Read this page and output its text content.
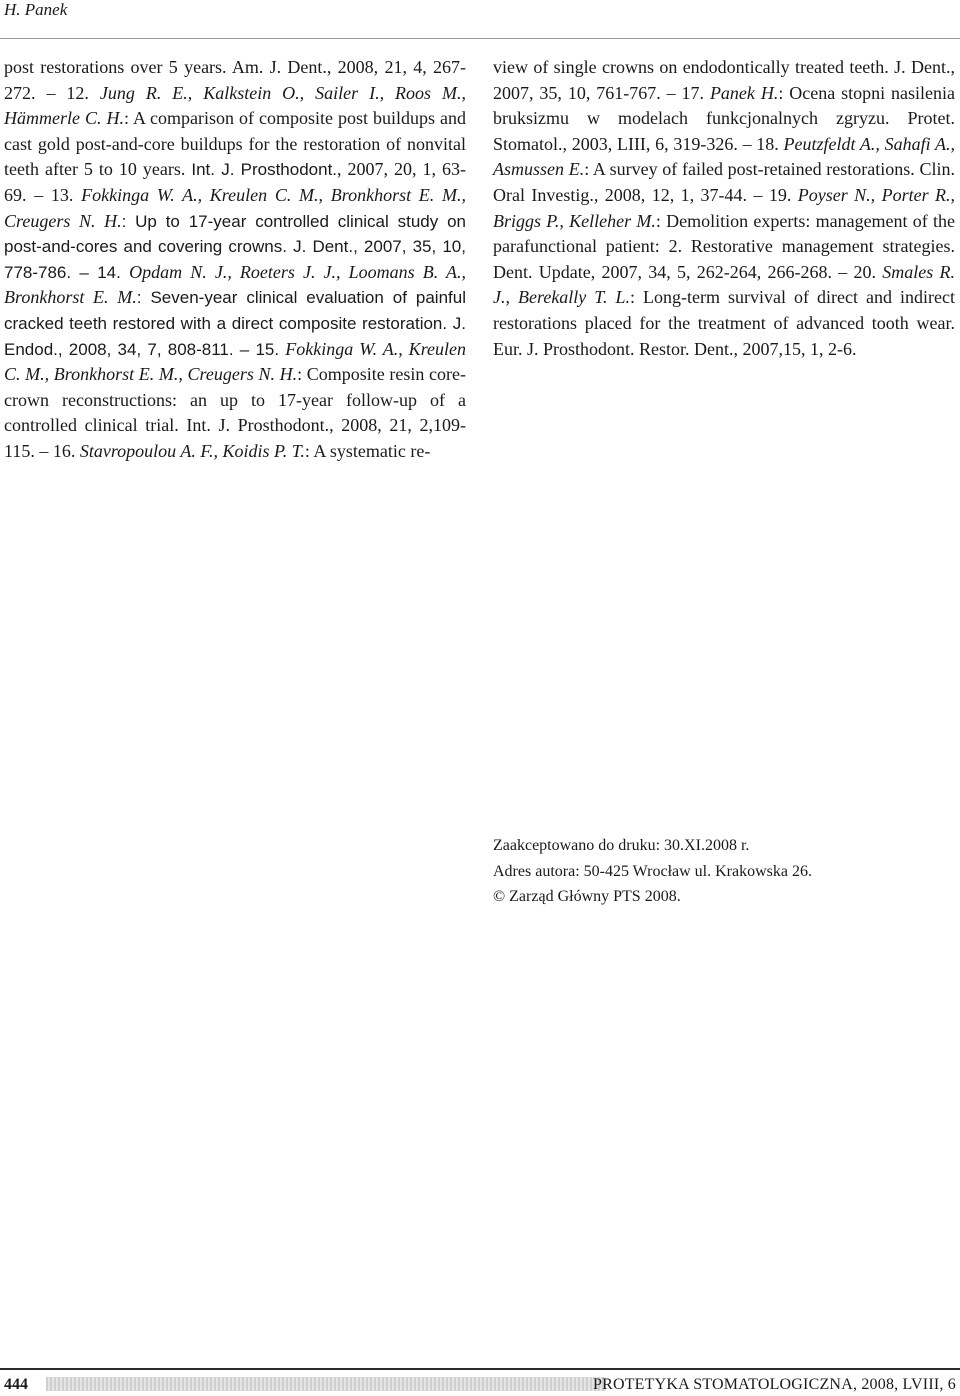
H. Panek
post restorations over 5 years. Am. J. Dent., 2008, 21, 4, 267-272. – 12. Jung R. E., Kalkstein O., Sailer I., Roos M., Hämmerle C. H.: A comparison of composite post buildups and cast gold post-and-core buildups for the restoration of nonvital teeth after 5 to 10 years. Int. J. Prosthodont., 2007, 20, 1, 63-69. – 13. Fokkinga W. A., Kreulen C. M., Bronkhorst E. M., Creugers N. H.: Up to 17-year controlled clinical study on post-and-cores and covering crowns. J. Dent., 2007, 35, 10, 778-786. – 14. Opdam N. J., Roeters J. J., Loomans B. A., Bronkhorst E. M.: Seven-year clinical evaluation of painful cracked teeth restored with a direct composite restoration. J. Endod., 2008, 34, 7, 808-811. – 15. Fokkinga W. A., Kreulen C. M., Bronkhorst E. M., Creugers N. H.: Composite resin core-crown reconstructions: an up to 17-year follow-up of a controlled clinical trial. Int. J. Prosthodont., 2008, 21, 2,109-115. – 16. Stavropoulou A. F., Koidis P. T.: A systematic re-
view of single crowns on endodontically treated teeth. J. Dent., 2007, 35, 10, 761-767. – 17. Panek H.: Ocena stopni nasilenia bruksizmu w modelach funkcjonalnych zgryzu. Protet. Stomatol., 2003, LIII, 6, 319-326. – 18. Peutzfeldt A., Sahafi A., Asmussen E.: A survey of failed post-retained restorations. Clin. Oral Investig., 2008, 12, 1, 37-44. – 19. Poyser N., Porter R., Briggs P., Kelleher M.: Demolition experts: management of the parafunctional patient: 2. Restorative management strategies. Dent. Update, 2007, 34, 5, 262-264, 266-268. – 20. Smales R. J., Berekally T. L.: Long-term survival of direct and indirect restorations placed for the treatment of advanced tooth wear. Eur. J. Prosthodont. Restor. Dent., 2007,15, 1, 2-6.
Zaakceptowano do druku: 30.XI.2008 r.
Adres autora: 50-425 Wrocław ul. Krakowska 26.
© Zarząd Główny PTS 2008.
444	PROTETYKA STOMATOLOGICZNA, 2008, LVIII, 6
